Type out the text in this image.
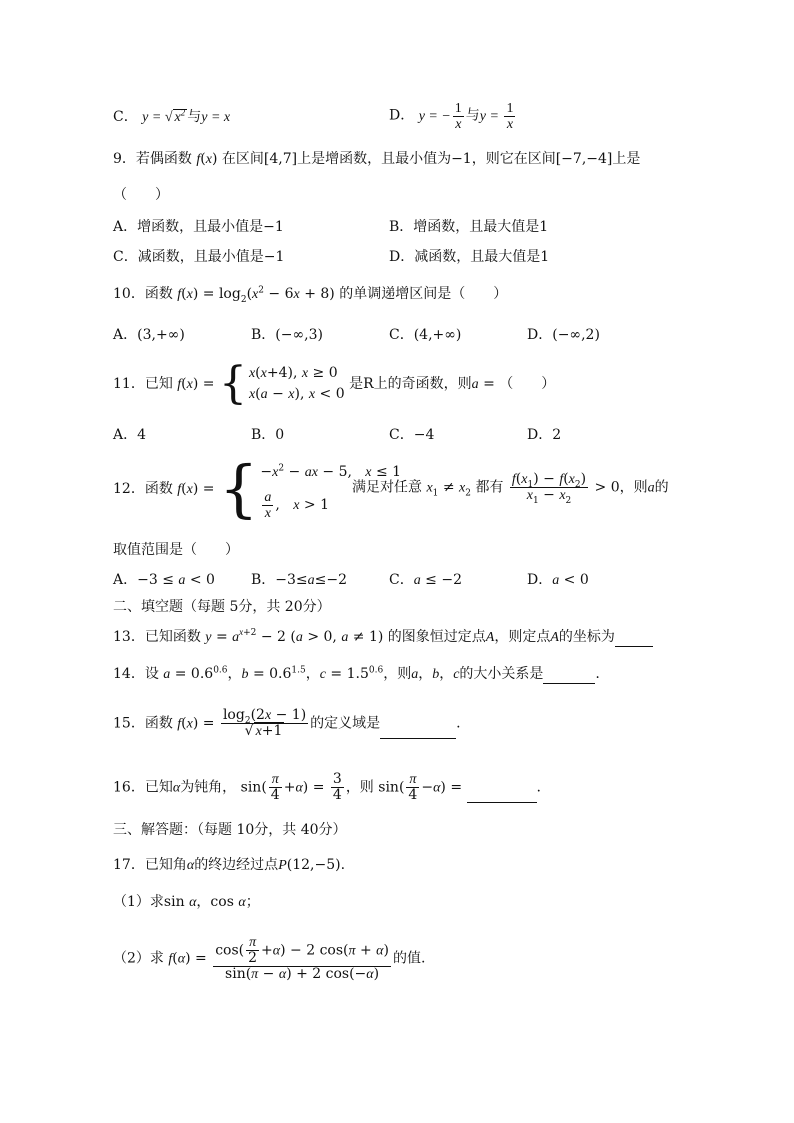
C． y = √ $x^2$ 与y = x	D． y = − $\frac{1}{x}$ 与$y = \frac{1}{x}$
9．若偶函数 f(x) 在区间[4,7]上是增函数，且最小值为−1，则它在区间[−7,−4]上是
（　　）
A．增函数，且最小值是−1	B．增函数，且最大值是1
C．减函数，且最小值是−1	D．减函数，且最大值是1
10．函数 $f(x) = \log_2(x^2 - 6x + 8)$ 的单调递增区间是（　　）
A．(3,+∞)	B．(−∞,3)	C．(4,+∞)	D．(−∞,2)
11．已知 f(x) = { x(x+4), x ≥ 0
x(a − x), x < 0
是R上的奇函数，则a = （　　）
A．4	B．0	C．−4	D．2
12．函数 f(x) = { $-x^2$ − ax − 5,   x ≤ 1
$\frac{a}{x}$ ,   x > 1
满足对任意 $x_1 \ne x_2$ 都有 $\frac{f(x_1) - f(x_2)}{x_1 - x_2} > 0$，则a的
取值范围是（　　）
A．−3 ≤ a < 0	B．−3≤a≤−2	C．a ≤ −2	D．a < 0
二、填空题（每题 5分，共 20分）
13．已知函数 $y = a^{x+2} - 2$ (a > 0, a ≠ 1) 的图象恒过定点A，则定点A的坐标为
14．设 $a = 0.6^{0.6}$，$b = 0.6^{1.5}$，$c = 1.5^{0.6}$，则a，b，c的大小关系是	.
15．函数 $f(x) = \frac{\log_2(2x - 1)}{√ x+1}$ 的定义域是	.
16．已知α为钝角， $\sin( \frac{\pi}{4} +\alpha) = \frac{3}{4}$ ，则 $\sin( \frac{\pi}{4} -\alpha)$ =	.
三、解答题：（每题 10分，共 40分）
17．已知角α的终边经过点P(12,−5).
（1）求sin α，cos α；
（2）求 $f(\alpha) = \frac{\cos( \frac{\pi}{2} +\alpha) - 2 \cos(\pi + \alpha)}{\sin(\pi - \alpha) + 2 \cos(-\alpha)}$ 的值.
